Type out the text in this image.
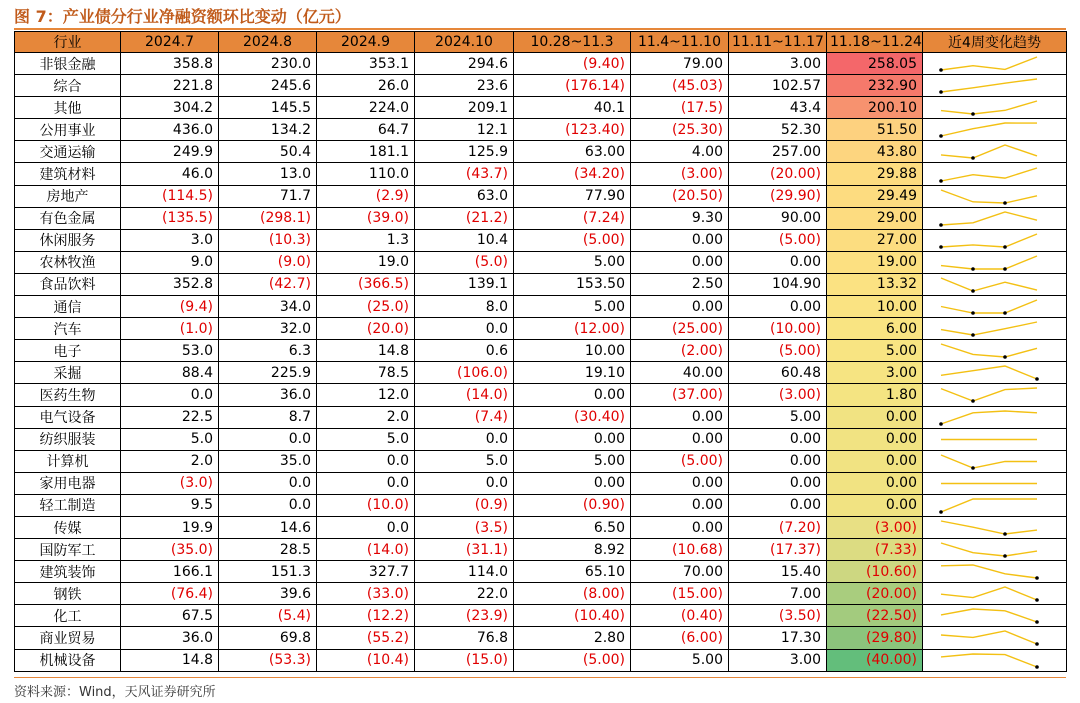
图 7：产业债分行业净融资额环比变动（亿元）
行业	2024.7	2024.8	2024.9	2024.10	10.28~11.3	11.4~11.10	11.11~11.17	11.18~11.24	近4周变化趋势
非银金融	358.8	230.0	353.1	294.6	(9.40)	79.00	3.00	258.05	

综合	221.8	245.6	26.0	23.6	(176.14)	(45.03)	102.57	232.90	

其他	304.2	145.5	224.0	209.1	40.1	(17.5)	43.4	200.10	

公用事业	436.0	134.2	64.7	12.1	(123.40)	(25.30)	52.30	51.50	

交通运输	249.9	50.4	181.1	125.9	63.00	4.00	257.00	43.80	

建筑材料	46.0	13.0	110.0	(43.7)	(34.20)	(3.00)	(20.00)	29.88	

房地产	(114.5)	71.7	(2.9)	63.0	77.90	(20.50)	(29.90)	29.49	

有色金属	(135.5)	(298.1)	(39.0)	(21.2)	(7.24)	9.30	90.00	29.00	

休闲服务	3.0	(10.3)	1.3	10.4	(5.00)	0.00	(5.00)	27.00	

农林牧渔	9.0	(9.0)	19.0	(5.0)	5.00	0.00	0.00	19.00	

食品饮料	352.8	(42.7)	(366.5)	139.1	153.50	2.50	104.90	13.32	

通信	(9.4)	34.0	(25.0)	8.0	5.00	0.00	0.00	10.00	

汽车	(1.0)	32.0	(20.0)	0.0	(12.00)	(25.00)	(10.00)	6.00	

电子	53.0	6.3	14.8	0.6	10.00	(2.00)	(5.00)	5.00	

采掘	88.4	225.9	78.5	(106.0)	19.10	40.00	60.48	3.00	

医药生物	0.0	36.0	12.0	(14.0)	0.00	(37.00)	(3.00)	1.80	

电气设备	22.5	8.7	2.0	(7.4)	(30.40)	0.00	5.00	0.00	

纺织服装	5.0	0.0	5.0	0.0	0.00	0.00	0.00	0.00	

计算机	2.0	35.0	0.0	5.0	5.00	(5.00)	0.00	0.00	

家用电器	(3.0)	0.0	0.0	0.0	0.00	0.00	0.00	0.00	

轻工制造	9.5	0.0	(10.0)	(0.9)	(0.90)	0.00	0.00	0.00	

传媒	19.9	14.6	0.0	(3.5)	6.50	0.00	(7.20)	(3.00)	

国防军工	(35.0)	28.5	(14.0)	(31.1)	8.92	(10.68)	(17.37)	(7.33)	

建筑装饰	166.1	151.3	327.7	114.0	65.10	70.00	15.40	(10.60)	

钢铁	(76.4)	39.6	(33.0)	22.0	(8.00)	(15.00)	7.00	(20.00)	

化工	67.5	(5.4)	(12.2)	(23.9)	(10.40)	(0.40)	(3.50)	(22.50)	

商业贸易	36.0	69.8	(55.2)	76.8	2.80	(6.00)	17.30	(29.80)	

机械设备	14.8	(53.3)	(10.4)	(15.0)	(5.00)	5.00	3.00	(40.00)	
资料来源：Wind，天风证券研究所
